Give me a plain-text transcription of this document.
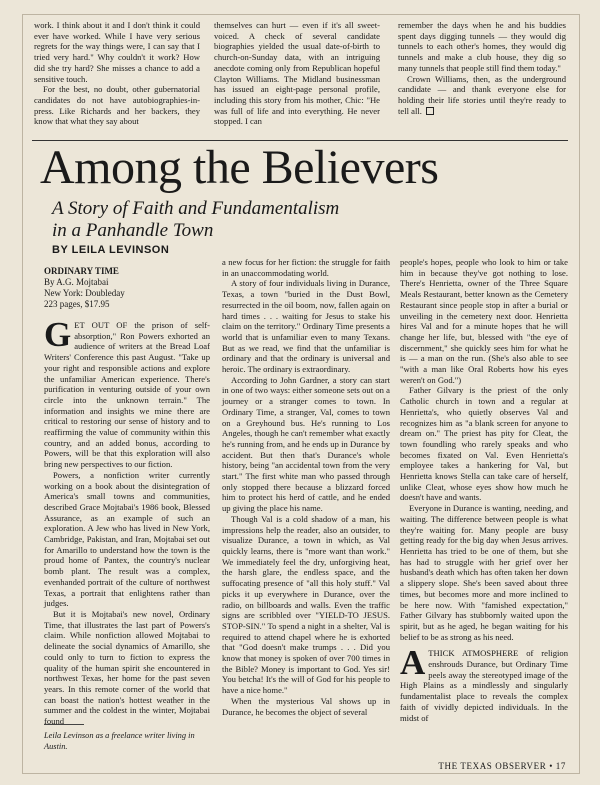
work. I think about it and I don't think it could ever have worked. While I have very serious regrets for the way things were, I can say that I tried very hard." Why couldn't it work? How did she try hard? She misses a chance to add a sensitive touch.

For the best, no doubt, other gubernatorial candidates do not have autobiographies-in-press. Like Richards and her backers, they know that what they say about

themselves can hurt — even if it's all sweet-voiced. A check of several candidate biographies yielded the usual date-of-birth to church-on-Sunday data, with an intriguing anecdote coming only from Republican hopeful Clayton Williams. The Midland businessman has issued an eight-page personal profile, including this story from his mother, Chic: "He was full of life and into everything. He never stopped. I can

remember the days when he and his buddies spent days digging tunnels — they would dig tunnels to each other's homes, they would dig tunnels and make a club house, they dig so many tunnels that people still find them today."

Crown Williams, then, as the underground candidate — and thank everyone else for holding their life stories until they're ready to tell all.

Among the Believers
A Story of Faith and Fundamentalism
in a Panhandle Town
BY LEILA LEVINSON
ORDINARY TIME
By A.G. Mojtabai
New York: Doubleday
223 pages, $17.95

GET OUT OF the prison of self-absorption," Ron Powers exhorted an audience of writers at the Bread Loaf Writers' Conference this past August. "Take up your right and responsible actions and explore the unfamiliar American experience. There's purification in venturing outside of your own circle into the unknown terrain." The information and insights we mine there are critical to restoring our sense of history and to reaffirming the value of community within this country, and an added bonus, according to Powers, will be that this exploration will also bring new perspectives to our fiction.

Powers, a nonfiction writer currently working on a book about the disintegration of America's small towns and communities, described Grace Mojtabai's 1986 book, Blessed Assurance, as an example of such an exploration. A Jew who has lived in New York, Cambridge, Pakistan, and Iran, Mojtabai set out for Amarillo to understand how the town is the proud home of Pantex, the country's nuclear bomb plant. The result was a complex, evenhanded portrait of the culture of northwest Texas, a portrait that enlightens rather than judges.

But it is Mojtabai's new novel, Ordinary Time, that illustrates the last part of Powers's claim. While nonfiction allowed Mojtabai to delineate the social dynamics of Amarillo, she could only to turn to fiction to express the quality of the human spirit she encountered in northwest Texas, her home for the past seven years. In this remote corner of the world that can boast the nation's hottest weather in the summer and the coldest in the winter, Mojtabai found

Leila Levinson as a freelance writer living in Austin.

a new focus for her fiction: the struggle for faith in an unaccommodating world.

A story of four individuals living in Durance, Texas, a town "buried in the Dust Bowl, resurrected in the oil boom, now, fallen again on hard times . . . waiting for Jesus to stake his claim on the territory." Ordinary Time presents a world that is unfamiliar even to many Texans. But as we read, we find that the unfamiliar is ordinary and that the ordinary is universal and heroic. The ordinary is extraordinary.

According to John Gardner, a story can start in one of two ways: either someone sets out on a journey or a stranger comes to town. In Ordinary Time, a stranger, Val, comes to town on a Greyhound bus. He's running to Los Angeles, though he can't remember what exactly he's running from, and he ends up in Durance by accident. But then that's Durance's whole history, being "an accidental town from the very start." The first white man who passed through only stopped there because a blizzard forced him to protect his herd of cattle, and he ended up giving the place his name.

Though Val is a cold shadow of a man, his impressions help the reader, also an outsider, to visualize Durance, a town in which, as Val quickly learns, there is "more want than work." We immediately feel the dry, unforgiving heat, the harsh glare, the endless space, and the suffocating presence of "all this holy stuff." Val picks it up everywhere in Durance, over the radio, on billboards and walls. Even the traffic signs are scribbled over "YIELD-TO JESUS. STOP-SIN." To spend a night in a shelter, Val is required to attend chapel where he is exhorted that "God doesn't make trumps . . . Did you know that money is spoken of over 700 times in the Bible? Money is important to God. Yes sir! You betcha! It's the will of God for his people to have a nice home."

When the mysterious Val shows up in Durance, he becomes the object of several

people's hopes, people who look to him or take him in because they've got nothing to lose. There's Henrietta, owner of the Three Square Meals Restaurant, better known as the Cemetery Restaurant since people stop in after a burial or unveiling in the cemetery next door. Henrietta hires Val and for a minute hopes that he will change her life, but, blessed with "the eye of discernment," she quickly sees him for what he is — a man on the run. (She's also able to see "with a man like Oral Roberts how his eyes weren't on God.")

Father Gilvary is the priest of the only Catholic church in town and a regular at Henrietta's, who quietly observes Val and recognizes him as "a blank screen for anyone to dream on." The priest has pity for Cleat, the town foundling who rarely speaks and who becomes fixated on Val. Even Henrietta's employee takes a hankering for Val, but Henrietta knows Stella can take care of herself, unlike Cleat, whose eyes show how much he doesn't have and wants.

Everyone in Durance is wanting, needing, and waiting. The difference between people is what they're waiting for. Many people are busy getting ready for the big day when Jesus arrives. Henrietta has tried to be one of them, but she has had to struggle with her grief over her husband's death which has often taken her down a slippery slope. She's been saved about three times, but becomes more and more inclined to be here now. With "famished expectation," Father Gilvary has stubbornly waited upon the spirit, but as he aged, he began waiting for his belief to be as strong as his need.

ATHICK ATMOSPHERE of religion enshrouds Durance, but Ordinary Time peels away the stereotyped image of the High Plains as a mindlessly and singularly fundamentalist place to reveals the complex faith of vividly depicted individuals. In the midst of

THE TEXAS OBSERVER • 17
